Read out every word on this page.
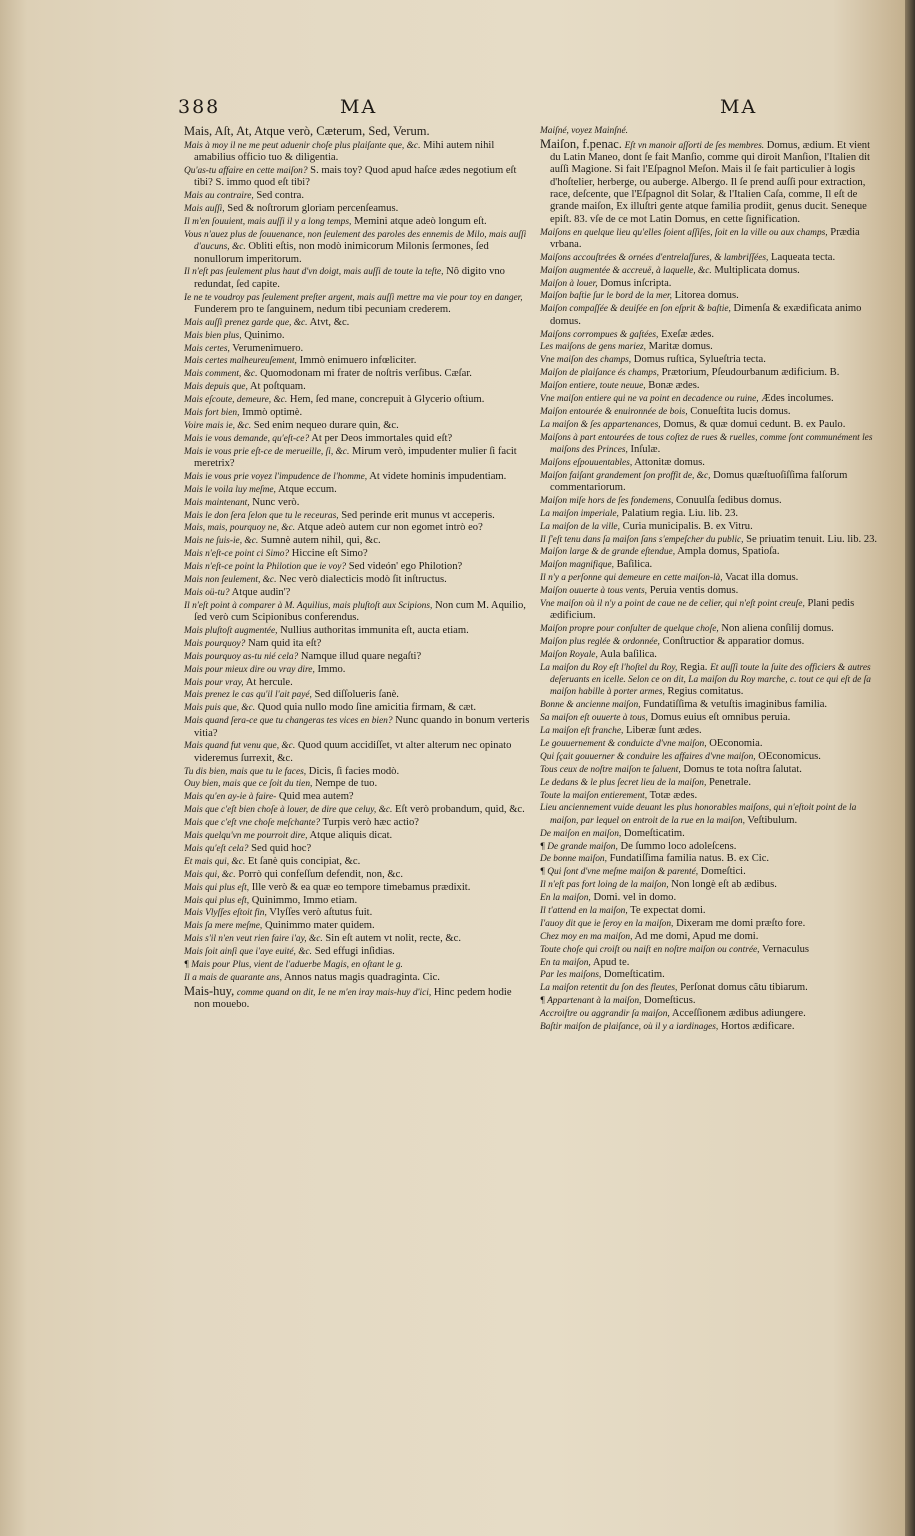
388	MA	MA

Mais, Aſt, At, Atque verò, Cæterum, Sed, Verum.

Mais à moy il ne me peut aduenir choſe plus plaiſante que, &c. Mihi autem nihil amabilius officio tuo & diligentia.

Qu'as-tu affaire en cette maiſon? S. mais toy? Quod apud haſce ædes negotium eſt tibi? S. immo quod eſt tibi?

Mais au contraire, Sed contra.

Mais auſſi, Sed & noſtrorum gloriam percenſeamus.

Il m'en ſouuient, mais auſſi il y a long temps, Memini atque adeò longum eſt.

Vous n'auez plus de ſouuenance, non ſeulement des paroles des ennemis de Milo, mais auſſi d'aucuns, &c. Obliti eſtis, non modò inimicorum Milonis ſermones, ſed nonullorum imperitorum.

Il n'eſt pas ſeulement plus haut d'vn doigt, mais auſſi de toute la teſte, Nô digito vno redundat, ſed capite.

Ie ne te voudroy pas ſeulement preſter argent, mais auſſi mettre ma vie pour toy en danger, Funderem pro te ſanguinem, nedum tibi pecuniam crederem.

Mais auſſi prenez garde que, &c. Atvt, &c.

Mais bien plus, Quinimo.

Mais certes, Verumenimuero.

Mais certes malheureuſement, Immò enimuero infœliciter.

Mais comment, &c. Quomodonam mi frater de noſtris verſibus. Cæſar.

Mais depuis que, At poſtquam.

Mais eſcoute, demeure, &c. Hem, ſed mane, concrepuit à Glycerio oſtium.

Mais fort bien, Immò optimè.

Voire mais ie, &c. Sed enim nequeo durare quin, &c.

Mais ie vous demande, qu'eſt-ce? At per Deos immortales quid eſt?

Mais ie vous prie eſt-ce de merueille, ſi, &c. Mirum verò, impudenter mulier ſi facit meretrix?

Mais ie vous prie voyez l'impudence de l'homme, At videte hominis impudentiam.

Mais le voila luy meſme, Atque eccum.

Mais maintenant, Nunc verò.

Mais le don ſera ſelon que tu le receuras, Sed perinde erit munus vt acceperis.

Mais, mais, pourquoy ne, &c. Atque adeò autem cur non egomet intrò eo?

Mais ne ſuis-ie, &c. Sumnè autem nihil, qui, &c.

Mais n'eſt-ce point ci Simo? Hiccine eſt Simo?

Mais n'eſt-ce point la Philotion que ie voy? Sed videón' ego Philotion?

Mais non ſeulement, &c. Nec verò dialecticis modò ſit inſtructus.

Mais oü-tu? Atque audin'?

Il n'eſt point à comparer à M. Aquilius, mais pluſtoſt aux Scipions, Non cum M. Aquilio, ſed verò cum Scipionibus conferendus.

Mais pluſtoſt augmentée, Nullius authoritas immunita eſt, aucta etiam.

Mais pourquoy? Nam quid ita eſt?

Mais pourquoy as-tu nié cela? Namque illud quare negaſti?

Mais pour mieux dire ou vray dire, Immo.

Mais pour vray, At hercule.

Mais prenez le cas qu'il l'ait payé, Sed diſſolueris ſanè.

Mais puis que, &c. Quod quia nullo modo ſine amicitia firmam, & cæt.

Mais quand ſera-ce que tu changeras tes vices en bien? Nunc quando in bonum verteris vitia?

Mais quand fut venu que, &c. Quod quum accidiſſet, vt alter alterum nec opinato videremus ſurrexit, &c.

Tu dis bien, mais que tu le faces, Dicis, ſi facies modò.

Ouy bien, mais que ce ſoit du tien, Nempe de tuo.

Mais qu'en ay-ie à faire- Quid mea autem?

Mais que c'eſt bien choſe à louer, de dire que celuy, &c. Eſt verò probandum, quid, &c.

Mais que c'eſt vne choſe meſchante? Turpis verò hæc actio?

Mais quelqu'vn me pourroit dire, Atque aliquis dicat.

Mais qu'eſt cela? Sed quid hoc?

Et mais qui, &c. Et ſanè quis concipiat, &c.

Mais qui, &c. Porrò qui confeſſum defendit, non, &c.

Mais qui plus eſt, Ille verò & ea quæ eo tempore timebamus prædixit.

Mais qui plus eſt, Quinimmo, Immo etiam.

Mais Vlyſſes eſtoit fin, Vlyſſes verò aſtutus fuit.

Mais ſa mere meſme, Quinimmo mater quidem.

Mais s'il n'en veut rien faire i'ay, &c. Sin eſt autem vt nolit, recte, &c.

Mais ſoit ainſi que i'aye euité, &c. Sed effugi inſidias.

¶ Mais pour Plus, vient de l'aduerbe Magis, en oſtant le g.

Il a mais de quarante ans, Annos natus magis quadraginta. Cic.

Mais-huy, comme quand on dit, Ie ne m'en iray mais-huy d'ici, Hinc pedem hodie non mouebo.

Maiſné, voyez Mainſné.

Maiſon, f.penac. Eſt vn manoir aſſorti de ſes membres. Domus, ædium. Et vient du Latin Maneo, dont ſe fait Manſio, comme qui diroit Manſion, l'Italien dit auſſi Magione. Si fait l'Eſpagnol Meſon. Mais il ſe fait particulier à logis d'hoſtelier, herberge, ou auberge. Albergo. Il ſe prend auſſi pour extraction, race, deſcente, que l'Eſpagnol dit Solar, & l'Italien Caſa, comme, Il eſt de grande maiſon, Ex illuſtri gente atque familia prodiit, genus ducit. Seneque epiſt. 83. vſe de ce mot Latin Domus, en cette ſignification.

Maiſons en quelque lieu qu'elles ſoient aſſiſes, ſoit en la ville ou aux champs, Prædia vrbana.

Maiſons accouſtrées & ornées d'entrelaſſures, & lambriſſées, Laqueata tecta.

Maiſon augmentée & accreuë, à laquelle, &c. Multiplicata domus.

Maiſon à louer, Domus inſcripta.

Maiſon baſtie ſur le bord de la mer, Litorea domus.

Maiſon compaſſée & deuiſée en ſon eſprit & baſtie, Dimenſa & exædificata animo domus.

Maiſons corrompues & gaſtées, Exeſæ ædes.

Les maiſons de gens mariez, Maritæ domus.

Vne maiſon des champs, Domus ruſtica, Sylueſtria tecta.

Maiſon de plaiſance és champs, Prætorium, Pſeudourbanum ædificium. B.

Maiſon entiere, toute neuue, Bonæ ædes.

Vne maiſon entiere qui ne va point en decadence ou ruine, Ædes incolumes.

Maiſon entourée & enuironnée de bois, Conueſtita lucis domus.

La maiſon & ſes appartenances, Domus, & quæ domui cedunt. B. ex Paulo.

Maiſons à part entourées de tous coſtez de rues & ruelles, comme ſont communément les maiſons des Princes, Inſulæ.

Maiſons eſpouuentables, Attonitæ domus.

Maiſon faiſant grandement ſon proffit de, &c, Domus quæſtuoſiſſima falſorum commentariorum.

Maiſon miſe hors de ſes fondemens, Conuulſa ſedibus domus.

La maiſon imperiale, Palatium regia. Liu. lib. 23.

La maiſon de la ville, Curia municipalis. B. ex Vitru.

Il ſ'eſt tenu dans ſa maiſon ſans s'empeſcher du public, Se priuatim tenuit. Liu. lib. 23.

Maiſon large & de grande eſtendue, Ampla domus, Spatioſa.

Maiſon magnifique, Baſilica.

Il n'y a perſonne qui demeure en cette maiſon-là, Vacat illa domus.

Maiſon ouuerte à tous vents, Peruia ventis domus.

Vne maiſon où il n'y a point de caue ne de celier, qui n'eſt point creuſe, Plani pedis ædificium.

Maiſon propre pour conſulter de quelque choſe, Non aliena conſilij domus.

Maiſon plus reglée & ordonnée, Conſtructior & apparatior domus.

Maiſon Royale, Aula baſilica.

La maiſon du Roy eſt l'hoſtel du Roy, Regia. Et auſſi toute la ſuite des officiers & autres deſeruants en icelle. Selon ce on dit, La maiſon du Roy marche, c. tout ce qui eſt de ſa maiſon habille à porter armes, Regius comitatus.

Bonne & ancienne maiſon, Fundatiſſima & vetuſtis imaginibus familia.

Sa maiſon eſt ouuerte à tous, Domus euius eſt omnibus peruia.

La maiſon eſt franche, Liberæ ſunt ædes.

Le gouuernement & conduicte d'vne maiſon, OEconomia.

Qui ſçait gouuerner & conduire les affaires d'vne maiſon, OEconomicus.

Tous ceux de noſtre maiſon te ſaluent, Domus te tota noſtra ſalutat.

Le dedans & le plus ſecret lieu de la maiſon, Penetrale.

Toute la maiſon entierement, Totæ ædes.

Lieu anciennement vuide deuant les plus honorables maiſons, qui n'eſtoit point de la maiſon, par lequel on entroit de la rue en la maiſon, Veſtibulum.

De maiſon en maiſon, Domeſticatim.

¶ De grande maiſon, De ſummo loco adoleſcens.

De bonne maiſon, Fundatiſſima familia natus. B. ex Cic.

¶ Qui ſont d'vne meſme maiſon & parenté, Domeſtici.

Il n'eſt pas fort loing de la maiſon, Non longè eſt ab ædibus.

En la maiſon, Domi. vel in domo.

Il t'attend en la maiſon, Te expectat domi.

I'auoy dit que ie ſeroy en la maiſon, Dixeram me domi præſto fore.

Chez moy en ma maiſon, Ad me domi, Apud me domi.

Toute choſe qui croiſt ou naiſt en noſtre maiſon ou contrée, Vernaculus

En ta maiſon, Apud te.

Par les maiſons, Domeſticatim.

La maiſon retentit du ſon des fleutes, Perſonat domus cãtu tibiarum.

¶ Appartenant à la maiſon, Domeſticus.

Accroiſtre ou aggrandir ſa maiſon, Acceſſionem ædibus adiungere.

Baſtir maiſon de plaiſance, où il y a iardinages, Hortos ædificare.
